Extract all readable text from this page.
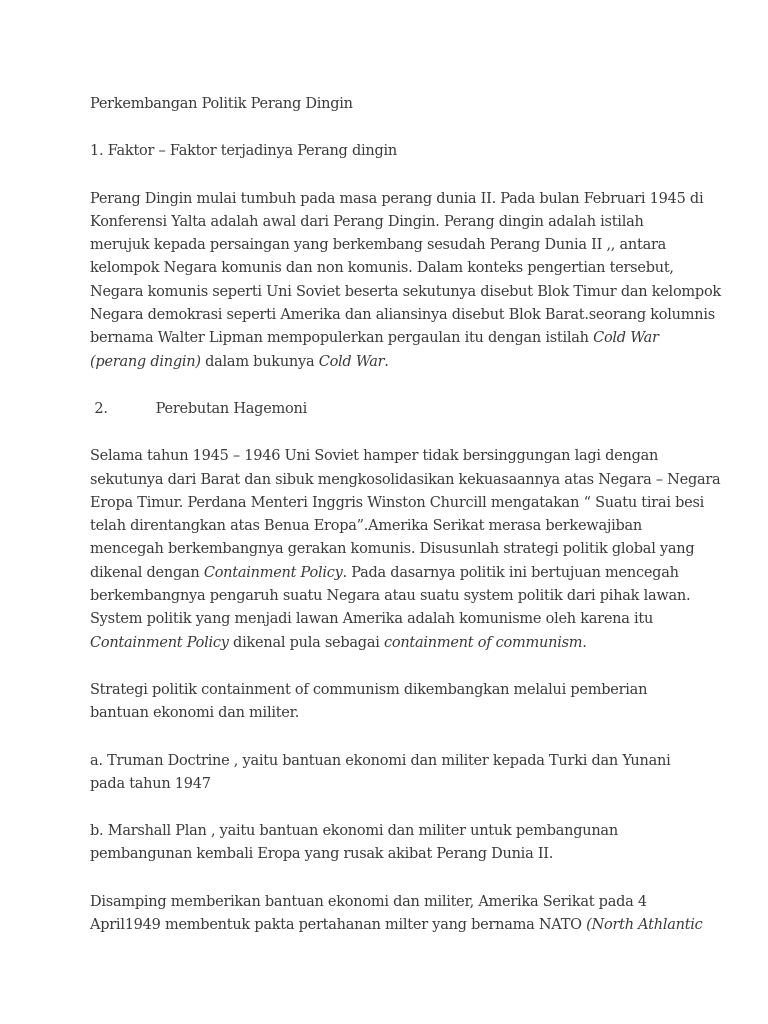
Perkembangan Politik Perang Dingin

1. Faktor – Faktor terjadinya Perang dingin

Perang Dingin mulai tumbuh pada masa perang dunia II. Pada bulan Februari 1945 di
Konferensi Yalta adalah awal dari Perang Dingin. Perang dingin adalah istilah
merujuk kepada persaingan yang berkembang sesudah Perang Dunia II ,, antara
kelompok Negara komunis dan non komunis. Dalam konteks pengertian tersebut,
Negara komunis seperti Uni Soviet beserta sekutunya disebut Blok Timur dan kelompok
Negara demokrasi seperti Amerika dan aliansinya disebut Blok Barat.seorang kolumnis
bernama Walter Lipman mempopulerkan pergaulan itu dengan istilah Cold War
(perang dingin) dalam bukunya Cold War.

2.           Perebutan Hagemoni

Selama tahun 1945 – 1946 Uni Soviet hamper tidak bersinggungan lagi dengan
sekutunya dari Barat dan sibuk mengkosolidasikan kekuasaannya atas Negara – Negara
Eropa Timur. Perdana Menteri Inggris Winston Churcill mengatakan “ Suatu tirai besi
telah direntangkan atas Benua Eropa”.Amerika Serikat merasa berkewajiban
mencegah berkembangnya gerakan komunis. Disusunlah strategi politik global yang
dikenal dengan Containment Policy. Pada dasarnya politik ini bertujuan mencegah
berkembangnya pengaruh suatu Negara atau suatu system politik dari pihak lawan.
System politik yang menjadi lawan Amerika adalah komunisme oleh karena itu
Containment Policy dikenal pula sebagai containment of communism.

Strategi politik containment of communism dikembangkan melalui pemberian
bantuan ekonomi dan militer.

a. Truman Doctrine , yaitu bantuan ekonomi dan militer kepada Turki dan Yunani
pada tahun 1947

b. Marshall Plan , yaitu bantuan ekonomi dan militer untuk pembangunan
pembangunan kembali Eropa yang rusak akibat Perang Dunia II.

Disamping memberikan bantuan ekonomi dan militer, Amerika Serikat pada 4
April1949 membentuk pakta pertahanan milter yang bernama NATO (North Athlantic
